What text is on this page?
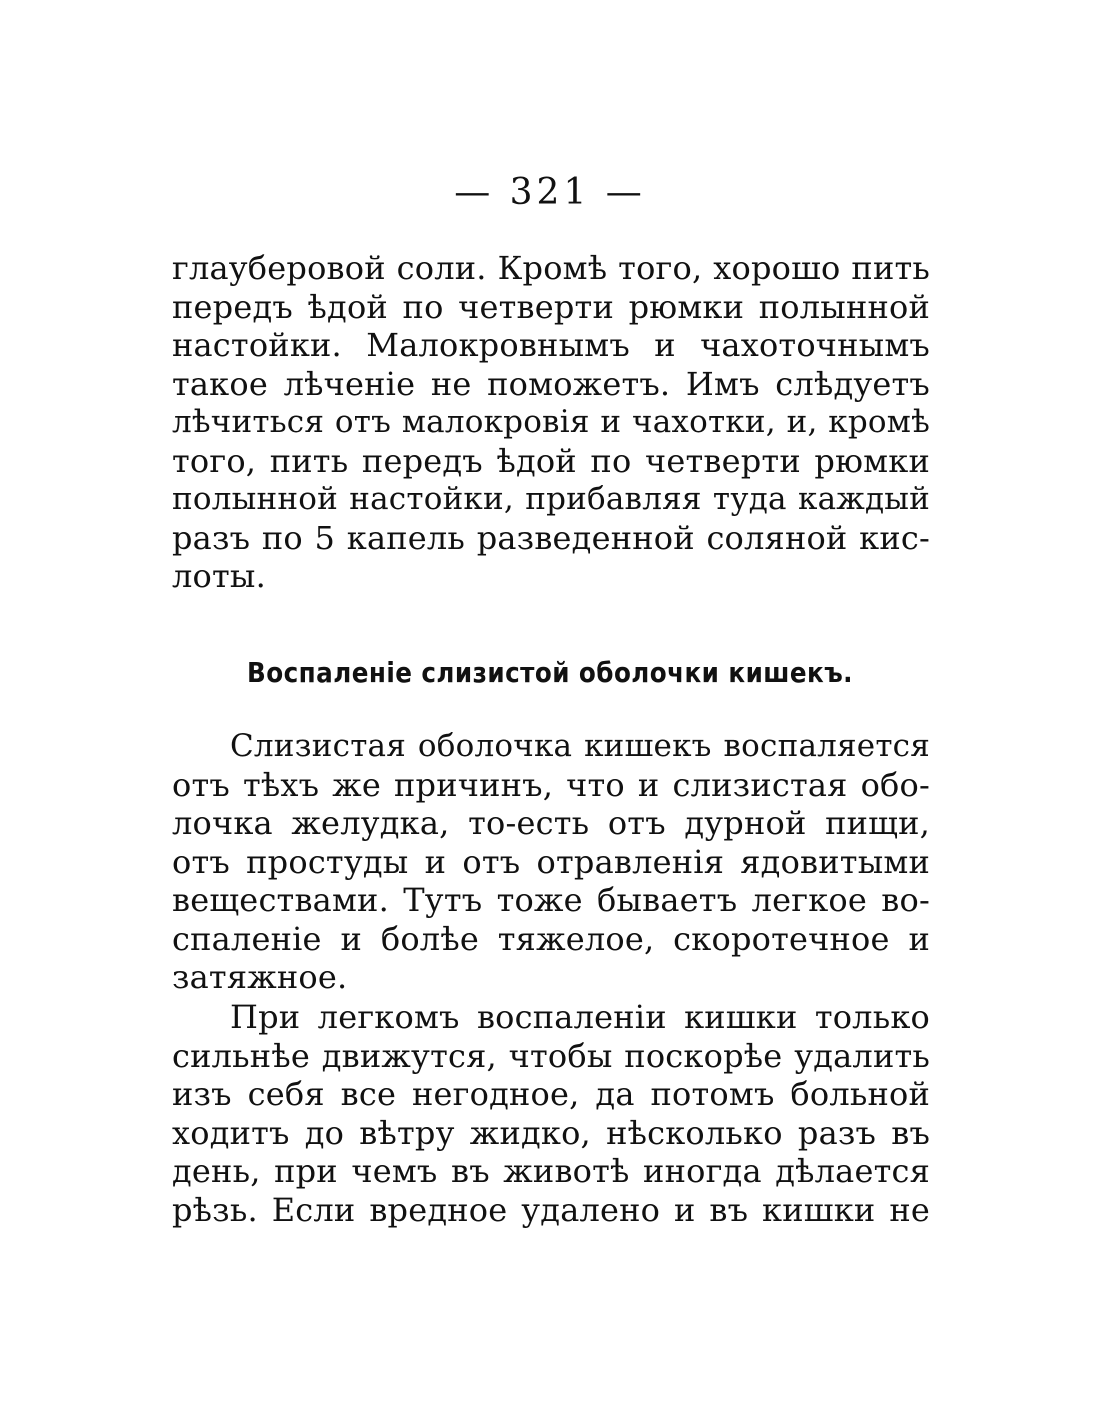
— 321 —
глауберовой соли. Кромѣ того, хорошо пить
передъ ѣдой по четверти рюмки полынной
настойки. Малокровнымъ и чахоточнымъ
такое лѣченіе не поможетъ. Имъ слѣдуетъ
лѣчиться отъ малокровія и чахотки, и, кромѣ
того, пить передъ ѣдой по четверти рюмки
полынной настойки, прибавляя туда каждый
разъ по 5 капель разведенной соляной кис-
лоты.
Воспаленіе слизистой оболочки кишекъ.
Слизистая оболочка кишекъ воспаляется
отъ тѣхъ же причинъ, что и слизистая обо-
лочка желудка, то-есть отъ дурной пищи,
отъ простуды и отъ отравленія ядовитыми
веществами. Тутъ тоже бываетъ легкое во-
спаленіе и болѣе тяжелое, скоротечное и
затяжное.
При легкомъ воспаленіи кишки только
сильнѣе движутся, чтобы поскорѣе удалить
изъ себя все негодное, да потомъ больной
ходитъ до вѣтру жидко, нѣсколько разъ въ
день, при чемъ въ животѣ иногда дѣлается
рѣзь. Если вредное удалено и въ кишки не
